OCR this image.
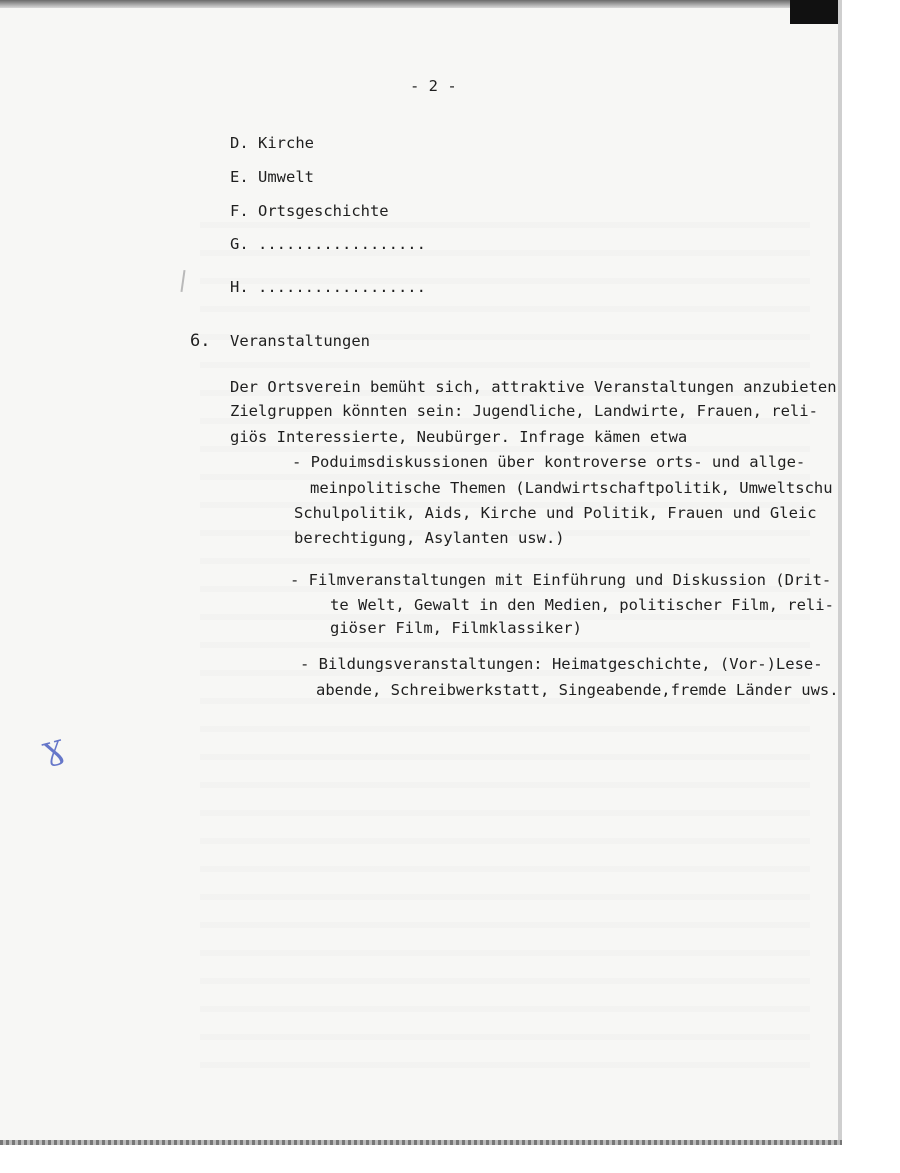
- 2 -
D. Kirche
E. Umwelt
F. Ortsgeschichte
G. ..................
H. ..................
6. Veranstaltungen
Der Ortsverein bemüht sich, attraktive Veranstaltungen anzubieten
Zielgruppen könnten sein: Jugendliche, Landwirte, Frauen, reli-
giös Interessierte, Neubürger. Infrage kämen etwa
- Poduimsdiskussionen über kontroverse orts- und allge-
meinpolitische Themen (Landwirtschaftpolitik, Umweltschu
Schulpolitik, Aids, Kirche und Politik, Frauen und Gleic
berechtigung, Asylanten usw.)
- Filmveranstaltungen mit Einführung und Diskussion (Drit-
te Welt, Gewalt in den Medien, politischer Film, reli-
giöser Film, Filmklassiker)
- Bildungsveranstaltungen: Heimatgeschichte, (Vor-)Lese-
abende, Schreibwerkstatt, Singeabende,fremde Länder uws.
Ɣ
